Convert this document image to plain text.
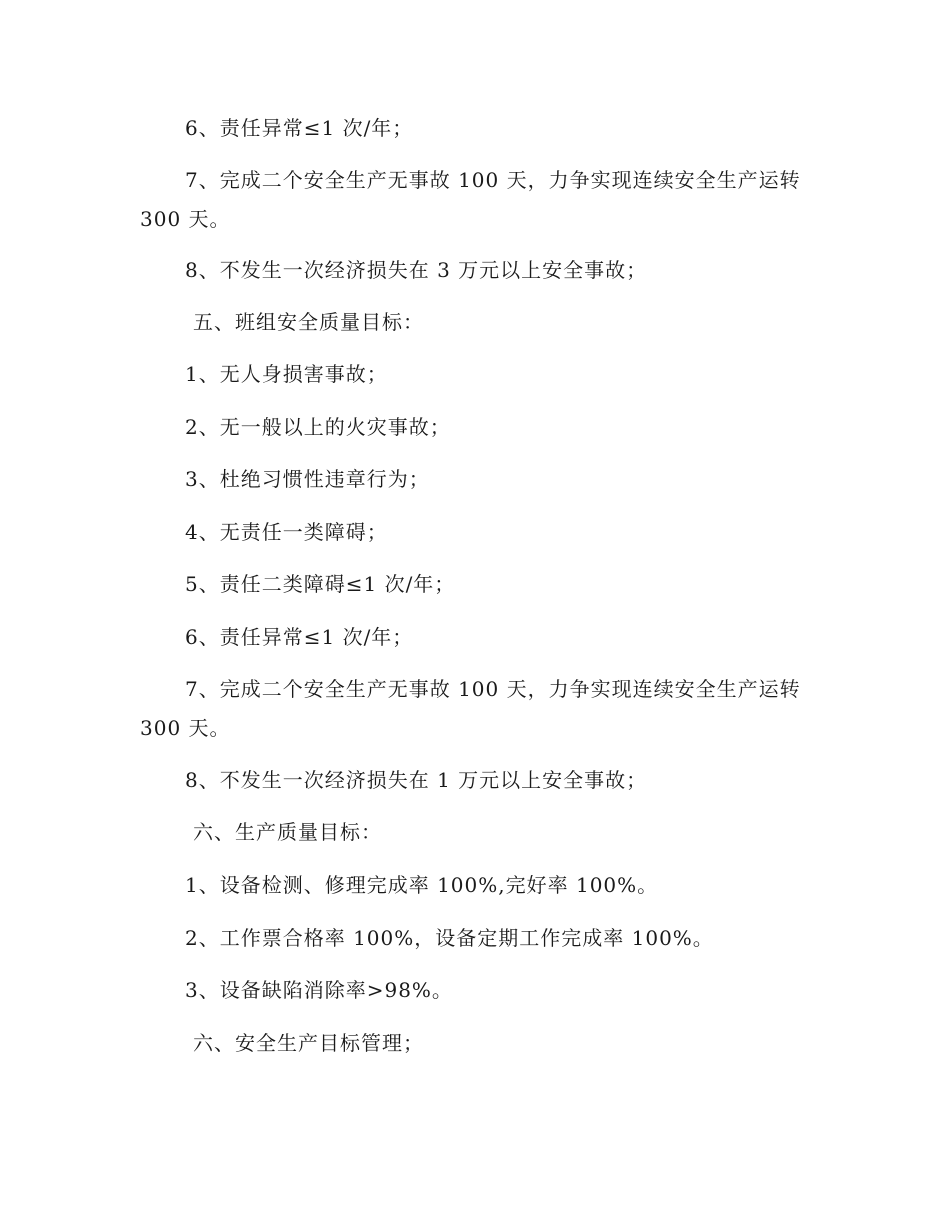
6、责任异常≤1 次/年；
7、完成二个安全生产无事故 100 天，力争实现连续安全生产运转
300 天。
8、不发生一次经济损失在 3 万元以上安全事故；
五、班组安全质量目标：
1、无人身损害事故；
2、无一般以上的火灾事故；
3、杜绝习惯性违章行为；
4、无责任一类障碍；
5、责任二类障碍≤1 次/年；
6、责任异常≤1 次/年；
7、完成二个安全生产无事故 100 天，力争实现连续安全生产运转
300 天。
8、不发生一次经济损失在 1 万元以上安全事故；
六、生产质量目标：
1、设备检测、修理完成率 100%,完好率 100%。
2、工作票合格率 100%，设备定期工作完成率 100%。
3、设备缺陷消除率>98%。
六、安全生产目标管理；
